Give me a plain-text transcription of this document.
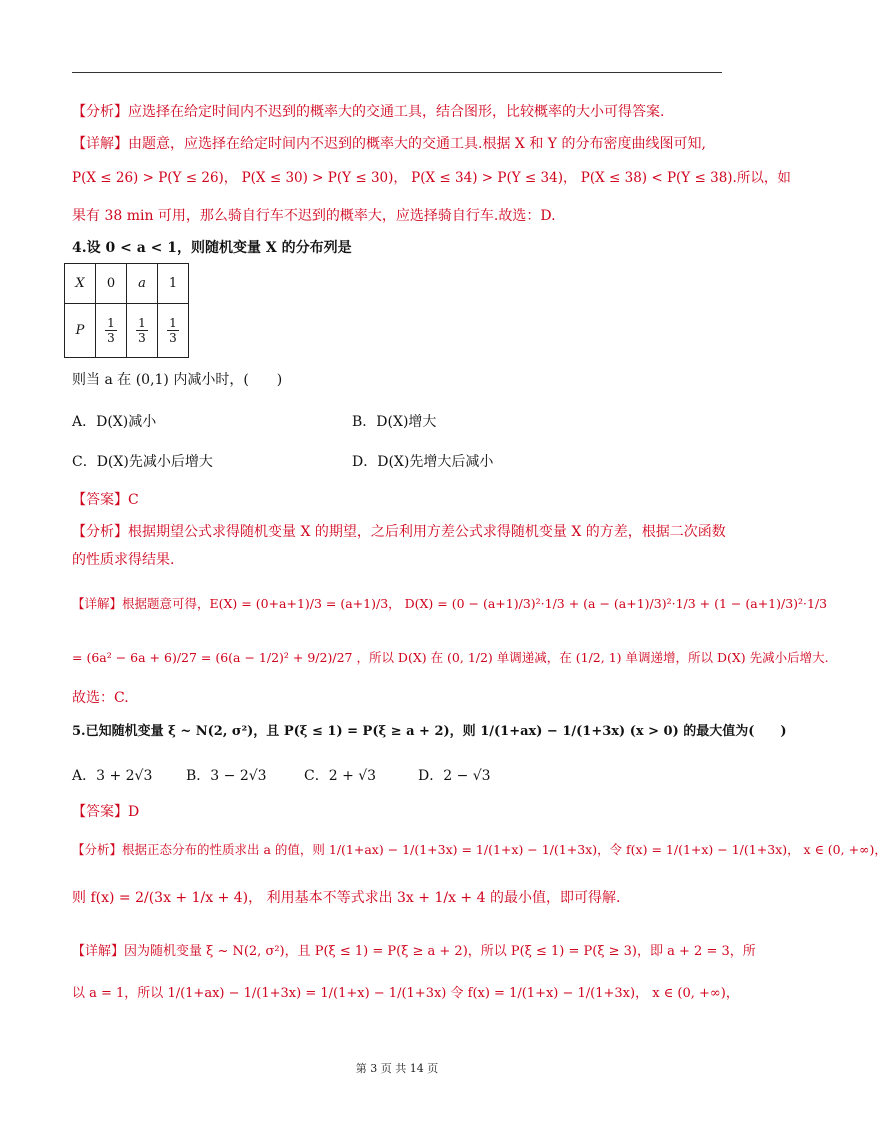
【分析】应选择在给定时间内不迟到的概率大的交通工具，结合图形，比较概率的大小可得答案.
【详解】由题意，应选择在给定时间内不迟到的概率大的交通工具.根据 X 和 Y 的分布密度曲线图可知,
P(X ≤ 26) > P(Y ≤ 26)， P(X ≤ 30) > P(Y ≤ 30)， P(X ≤ 34) > P(Y ≤ 34)， P(X ≤ 38) < P(Y ≤ 38).所以，如
果有 38 min 可用，那么骑自行车不迟到的概率大，应选择骑自行车.故选：D.
4.设 0 < a < 1，则随机变量 X 的分布列是
X	0	a	1
P	$\frac{1}{3}$	$\frac{1}{3}$	$\frac{1}{3}$
则当 a 在 (0,1) 内减小时，(　　)
A．D(X)减小	B．D(X)增大
C．D(X)先减小后增大	D．D(X)先增大后减小
【答案】C
【分析】根据期望公式求得随机变量 X 的期望，之后利用方差公式求得随机变量 X 的方差，根据二次函数
的性质求得结果.
【详解】根据题意可得，E(X) = (0+a+1)/3 = (a+1)/3， D(X) = (0 − (a+1)/3)²·1/3 + (a − (a+1)/3)²·1/3 + (1 − (a+1)/3)²·1/3
= (6a² − 6a + 6)/27 = (6(a − 1/2)² + 9/2)/27 ，所以 D(X) 在 (0, 1/2) 单调递减，在 (1/2, 1) 单调递增，所以 D(X) 先减小后增大.
故选：C.
5.已知随机变量 ξ ~ N(2, σ²)，且 P(ξ ≤ 1) = P(ξ ≥ a + 2)，则 1/(1+ax) − 1/(1+3x) (x > 0) 的最大值为(　　)
A．3 + 2√3 B．3 − 2√3	C．2 + √3	D．2 − √3
【答案】D
【分析】根据正态分布的性质求出 a 的值，则 1/(1+ax) − 1/(1+3x) = 1/(1+x) − 1/(1+3x)，令 f(x) = 1/(1+x) − 1/(1+3x)， x ∈ (0, +∞)，
则 f(x) = 2/(3x + 1/x + 4)， 利用基本不等式求出 3x + 1/x + 4 的最小值，即可得解.
【详解】因为随机变量 ξ ~ N(2, σ²)，且 P(ξ ≤ 1) = P(ξ ≥ a + 2)，所以 P(ξ ≤ 1) = P(ξ ≥ 3)，即 a + 2 = 3，所
以 a = 1，所以 1/(1+ax) − 1/(1+3x) = 1/(1+x) − 1/(1+3x) 令 f(x) = 1/(1+x) − 1/(1+3x)， x ∈ (0, +∞)，
第 3 页 共 14 页
